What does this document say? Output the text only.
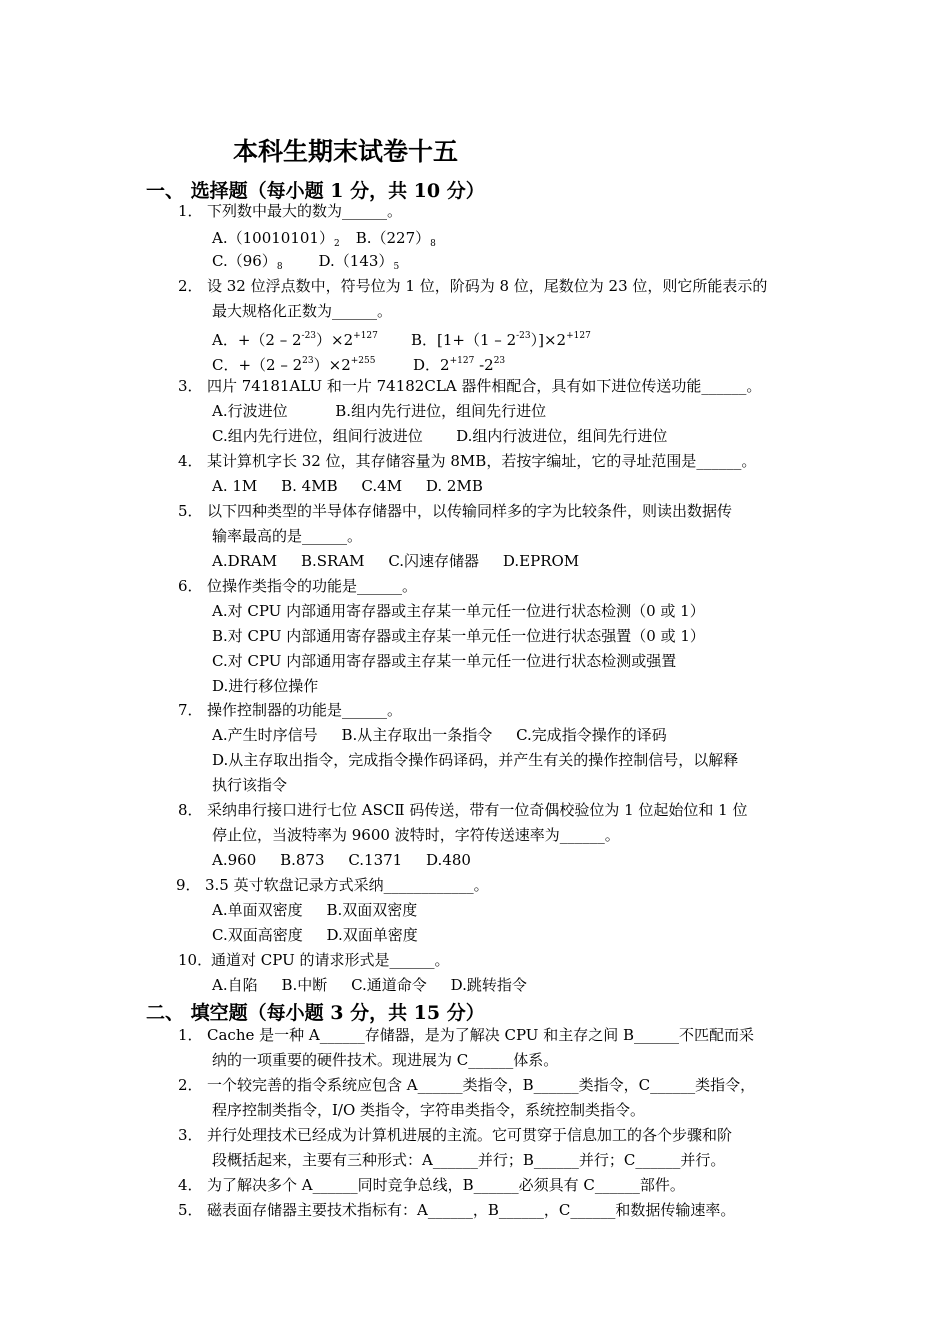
本科生期末试卷十五
一、 选择题（每小题 1 分，共 10 分）
1． 下列数中最大的数为______。
$A.(10010101)_2$ $B.(227)_8$
$C.(96)_8$ $D.(143)_5$
2． 设 32 位浮点数中，符号位为 1 位，阶码为 8 位，尾数位为 23 位，则它所能表示的
最大规格化正数为______。
A．$+(2 - 2^{-23})\times 2^{+127}$ B．$[1+(1 - 2^{-23})]\times 2^{+127}$
C．$+(2 - 2^{23})\times 2^{+255}$	D．$2^{+127}$ $-2^{23}$
3． 四片 74181ALU 和一片 74182CLA 器件相配合，具有如下进位传送功能______。
A.行波进位          B.组内先行进位，组间先行进位
C.组内先行进位，组间行波进位       D.组内行波进位，组间先行进位
4． 某计算机字长 32 位，其存储容量为 8MB，若按字编址，它的寻址范围是______。
A. 1M     B. 4MB     C.4M     D. 2MB
5． 以下四种类型的半导体存储器中，以传输同样多的字为比较条件，则读出数据传
输率最高的是______。
A.DRAM     B.SRAM     C.闪速存储器     D.EPROM
6． 位操作类指令的功能是______。
A.对 CPU 内部通用寄存器或主存某一单元任一位进行状态检测（0 或 1）
B.对 CPU 内部通用寄存器或主存某一单元任一位进行状态强置（0 或 1）
C.对 CPU 内部通用寄存器或主存某一单元任一位进行状态检测或强置
D.进行移位操作
7． 操作控制器的功能是______。
A.产生时序信号     B.从主存取出一条指令     C.完成指令操作的译码
D.从主存取出指令，完成指令操作码译码，并产生有关的操作控制信号，以解释
执行该指令
8． 采纳串行接口进行七位 ASCⅡ 码传送，带有一位奇偶校验位为 1 位起始位和 1 位
停止位，当波特率为 9600 波特时，字符传送速率为______。
A.960     B.873     C.1371     D.480
9． 3.5 英寸软盘记录方式采纳____________。
A.单面双密度     B.双面双密度
C.双面高密度     D.双面单密度
10．通道对 CPU 的请求形式是______。
A.自陷     B.中断     C.通道命令     D.跳转指令
二、 填空题（每小题 3 分，共 15 分）
1． Cache 是一种 A______存储器，是为了解决 CPU 和主存之间 B______不匹配而采
纳的一项重要的硬件技术。现进展为 C______体系。
2． 一个较完善的指令系统应包含 A______类指令，B______类指令，C______类指令，
程序控制类指令，I/O 类指令，字符串类指令，系统控制类指令。
3． 并行处理技术已经成为计算机进展的主流。它可贯穿于信息加工的各个步骤和阶
段概括起来，主要有三种形式：A______并行；B______并行；C______并行。
4． 为了解决多个 A______同时竞争总线，B______必须具有 C______部件。
5． 磁表面存储器主要技术指标有：A______，B______，C______和数据传输速率。
